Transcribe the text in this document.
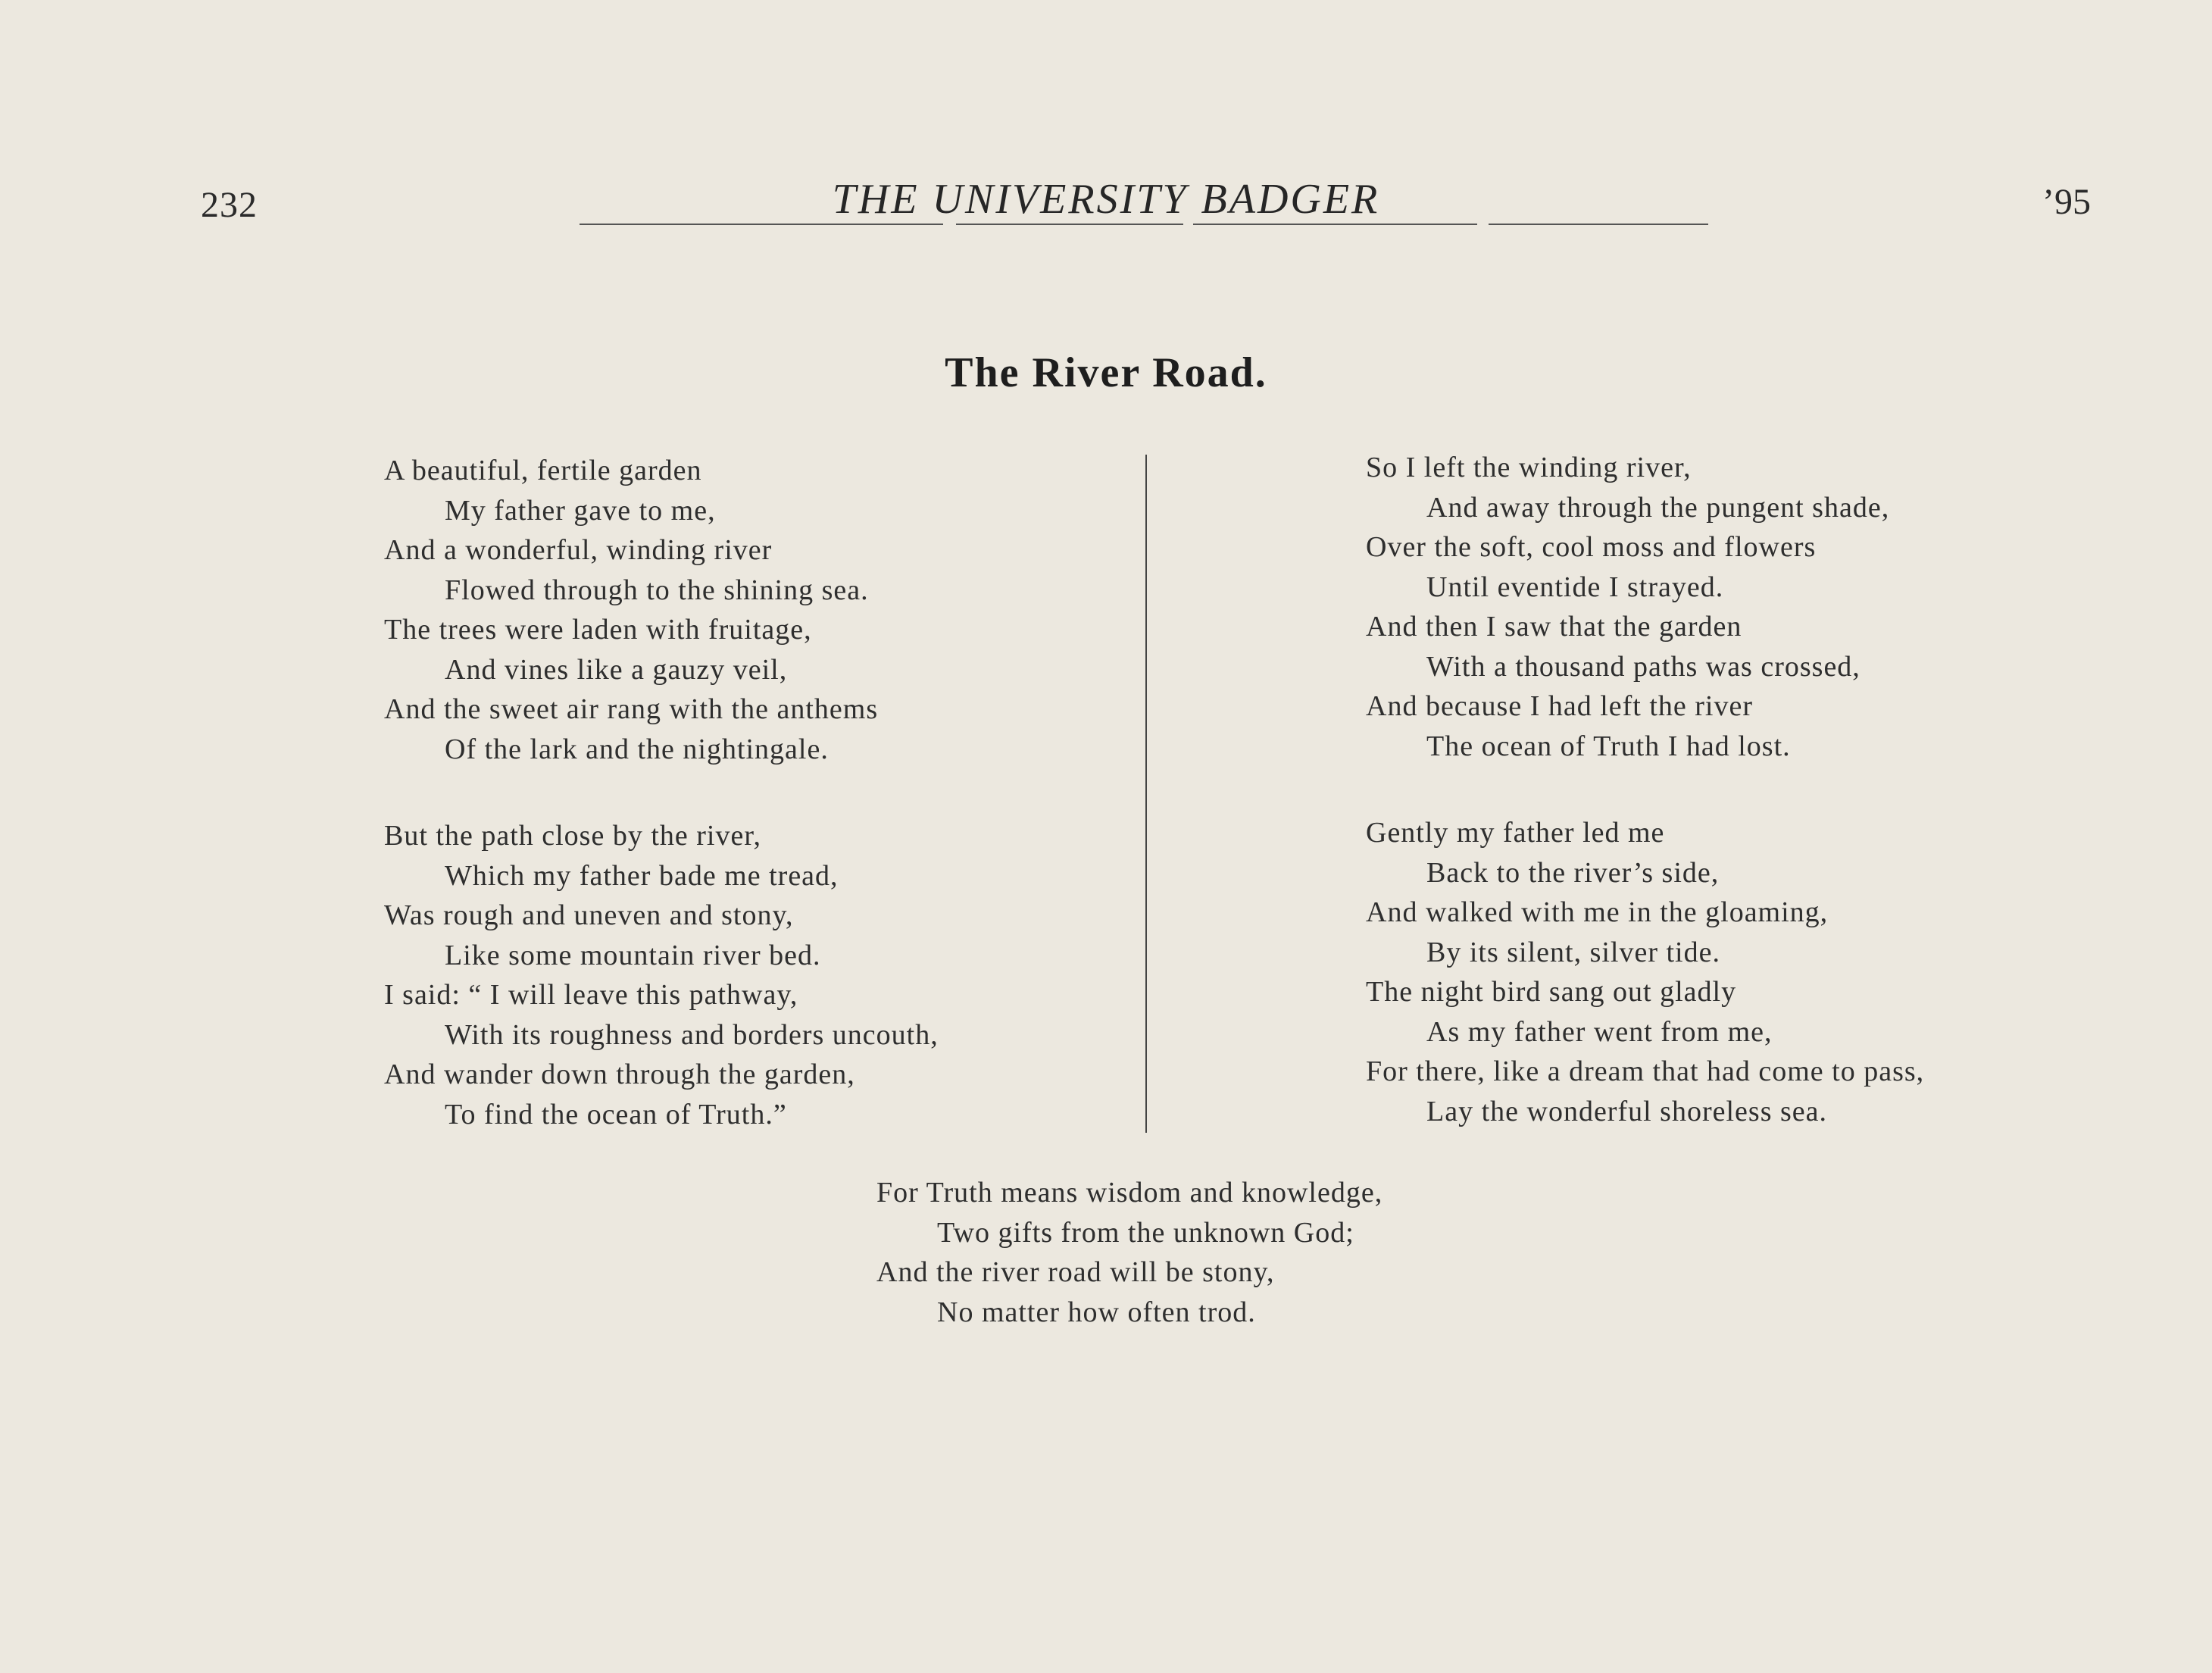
232	THE UNIVERSITY BADGER	’95
The River Road.
A beautiful, fertile garden
My father gave to me,
And a wonderful, winding river
Flowed through to the shining sea.
The trees were laden with fruitage,
And vines like a gauzy veil,
And the sweet air rang with the anthems
Of the lark and the nightingale.
But the path close by the river,
Which my father bade me tread,
Was rough and uneven and stony,
Like some mountain river bed.
I said: “ I will leave this pathway,
With its roughness and borders uncouth,
And wander down through the garden,
To find the ocean of Truth.”
So I left the winding river,
And away through the pungent shade,
Over the soft, cool moss and flowers
Until eventide I strayed.
And then I saw that the garden
With a thousand paths was crossed,
And because I had left the river
The ocean of Truth I had lost.
Gently my father led me
Back to the river’s side,
And walked with me in the gloaming,
By its silent, silver tide.
The night bird sang out gladly
As my father went from me,
For there, like a dream that had come to pass,
Lay the wonderful shoreless sea.
For Truth means wisdom and knowledge,
Two gifts from the unknown God;
And the river road will be stony,
No matter how often trod.
